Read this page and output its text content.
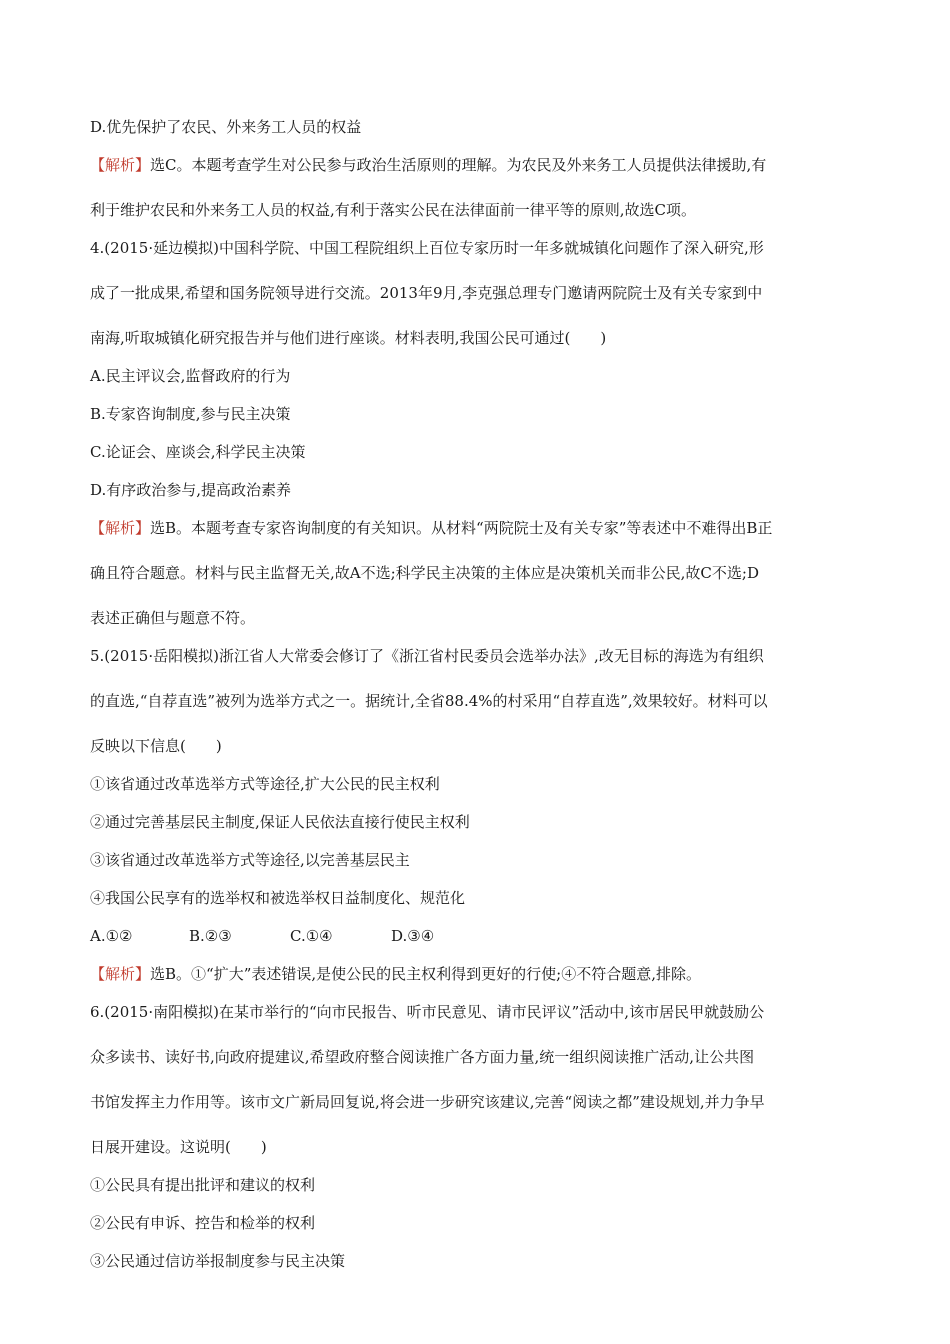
D.优先保护了农民、外来务工人员的权益
【解析】选C。本题考查学生对公民参与政治生活原则的理解。为农民及外来务工人员提供法律援助,有
利于维护农民和外来务工人员的权益,有利于落实公民在法律面前一律平等的原则,故选C项。
4.(2015·延边模拟)中国科学院、中国工程院组织上百位专家历时一年多就城镇化问题作了深入研究,形
成了一批成果,希望和国务院领导进行交流。2013年9月,李克强总理专门邀请两院院士及有关专家到中
南海,听取城镇化研究报告并与他们进行座谈。材料表明,我国公民可通过(　　)
A.民主评议会,监督政府的行为
B.专家咨询制度,参与民主决策
C.论证会、座谈会,科学民主决策
D.有序政治参与,提高政治素养
【解析】选B。本题考查专家咨询制度的有关知识。从材料“两院院士及有关专家”等表述中不难得出B正
确且符合题意。材料与民主监督无关,故A不选;科学民主决策的主体应是决策机关而非公民,故C不选;D
表述正确但与题意不符。
5.(2015·岳阳模拟)浙江省人大常委会修订了《浙江省村民委员会选举办法》,改无目标的海选为有组织
的直选,“自荐直选”被列为选举方式之一。据统计,全省88.4%的村采用“自荐直选”,效果较好。材料可以
反映以下信息(　　)
①该省通过改革选举方式等途径,扩大公民的民主权利
②通过完善基层民主制度,保证人民依法直接行使民主权利
③该省通过改革选举方式等途径,以完善基层民主
④我国公民享有的选举权和被选举权日益制度化、规范化
A.①②	B.②③	C.①④	D.③④
【解析】选B。①“扩大”表述错误,是使公民的民主权利得到更好的行使;④不符合题意,排除。
6.(2015·南阳模拟)在某市举行的“向市民报告、听市民意见、请市民评议”活动中,该市居民甲就鼓励公
众多读书、读好书,向政府提建议,希望政府整合阅读推广各方面力量,统一组织阅读推广活动,让公共图
书馆发挥主力作用等。该市文广新局回复说,将会进一步研究该建议,完善“阅读之都”建设规划,并力争早
日展开建设。这说明(　　)
①公民具有提出批评和建议的权利
②公民有申诉、控告和检举的权利
③公民通过信访举报制度参与民主决策
